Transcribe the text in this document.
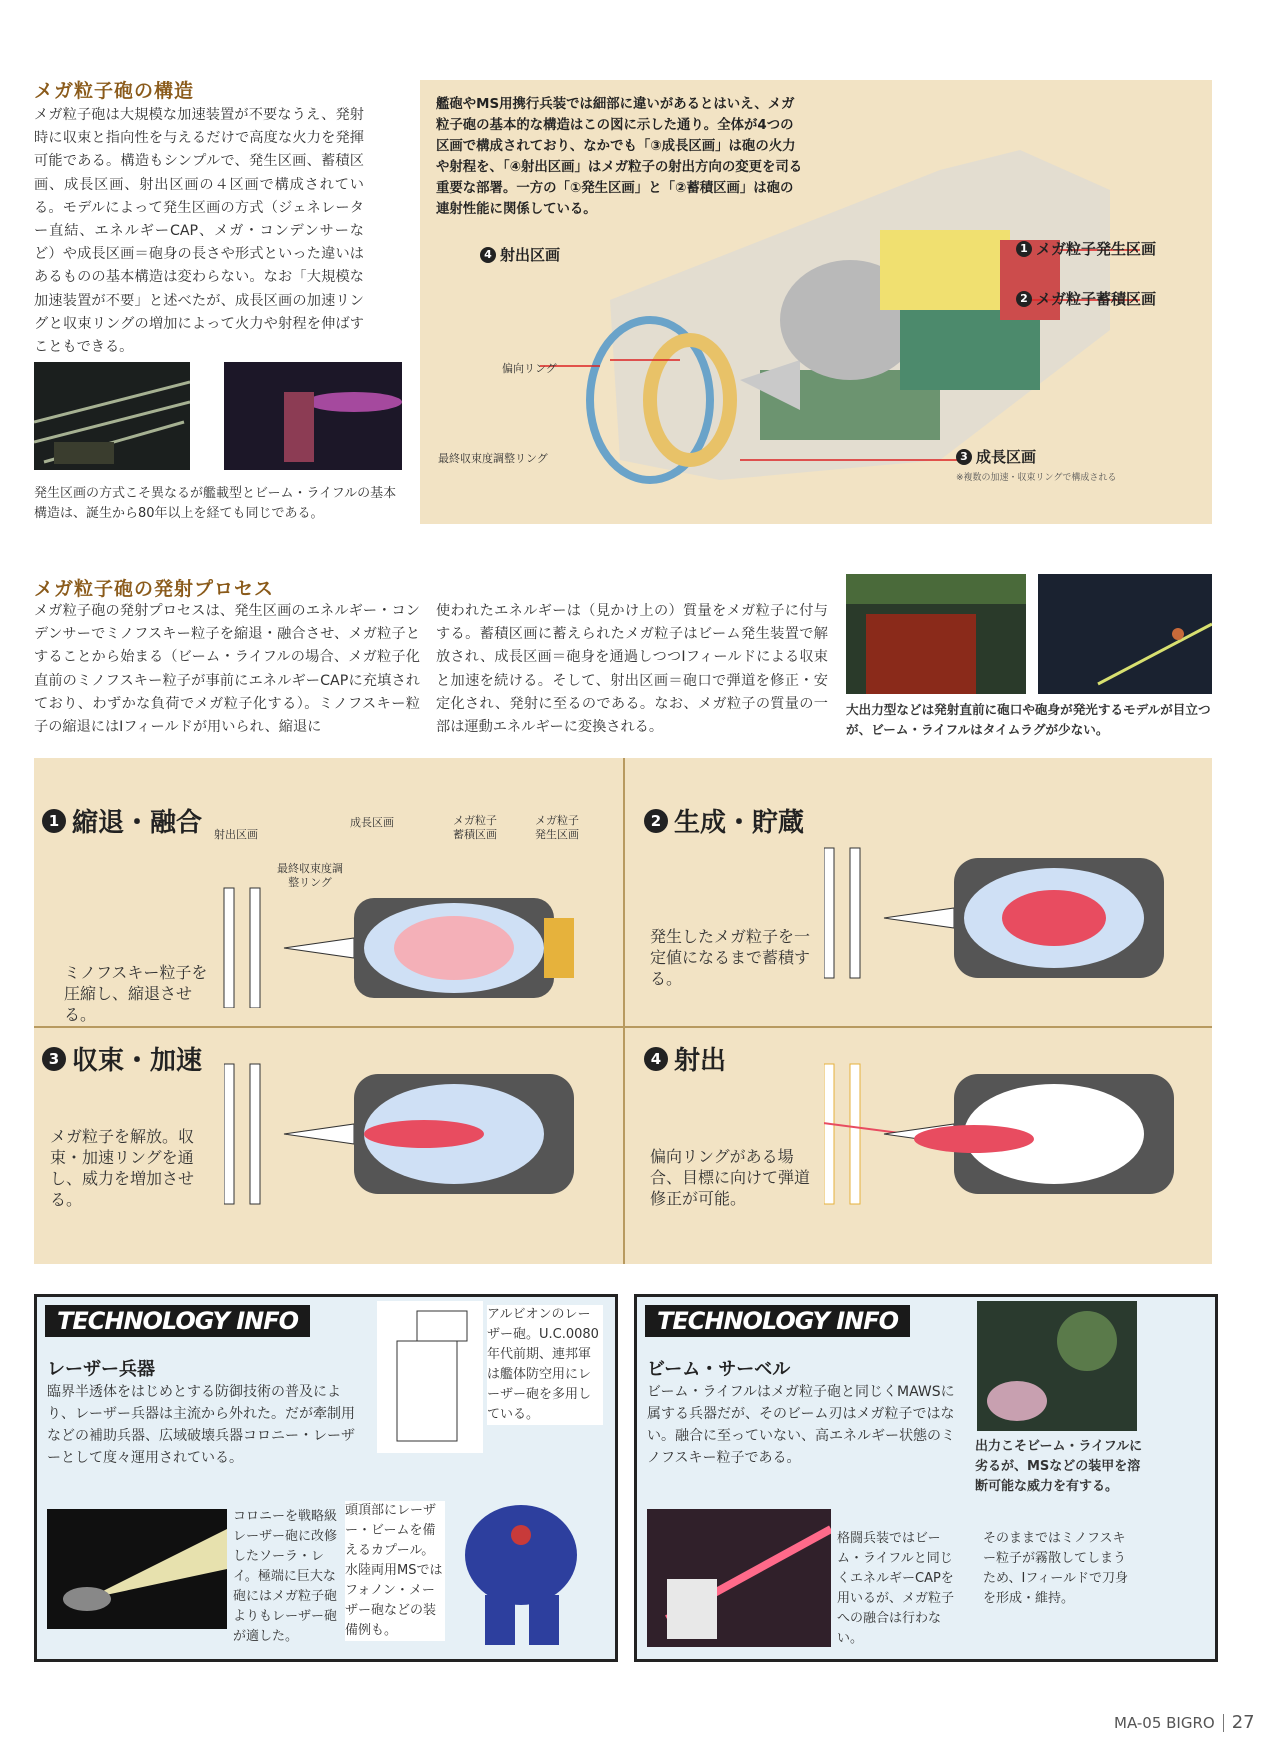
メガ粒子砲の構造
メガ粒子砲は大規模な加速装置が不要なうえ、発射時に収束と指向性を与えるだけで高度な火力を発揮可能である。構造もシンプルで、発生区画、蓄積区画、成長区画、射出区画の４区画で構成されている。モデルによって発生区画の方式（ジェネレーター直結、エネルギーCAP、メガ・コンデンサーなど）や成長区画＝砲身の長さや形式といった違いはあるものの基本構造は変わらない。なお「大規模な加速装置が不要」と述べたが、成長区画の加速リングと収束リングの増加によって火力や射程を伸ばすこともできる。
発生区画の方式こそ異なるが艦載型とビーム・ライフルの基本構造は、誕生から80年以上を経ても同じである。
艦砲やMS用携行兵装では細部に違いがあるとはいえ、メガ粒子砲の基本的な構造はこの図に示した通り。全体が4つの区画で構成されており、なかでも「③成長区画」は砲の火力や射程を、「④射出区画」はメガ粒子の射出方向の変更を司る重要な部署。一方の「①発生区画」と「②蓄積区画」は砲の連射性能に関係している。
4 射出区画	1 メガ粒子発生区画
2 メガ粒子蓄積区画
3 成長区画
※複数の加速・収束リングで構成される
偏向リング
最終収束度調整リング
メガ粒子砲の発射プロセス
メガ粒子砲の発射プロセスは、発生区画のエネルギー・コンデンサーでミノフスキー粒子を縮退・融合させ、メガ粒子とすることから始まる（ビーム・ライフルの場合、メガ粒子化直前のミノフスキー粒子が事前にエネルギーCAPに充填されており、わずかな負荷でメガ粒子化する）。ミノフスキー粒子の縮退にはIフィールドが用いられ、縮退に
使われたエネルギーは（見かけ上の）質量をメガ粒子に付与する。蓄積区画に蓄えられたメガ粒子はビーム発生装置で解放され、成長区画＝砲身を通過しつつIフィールドによる収束と加速を続ける。そして、射出区画＝砲口で弾道を修正・安定化され、発射に至るのである。なお、メガ粒子の質量の一部は運動エネルギーに変換される。
大出力型などは発射直前に砲口や砲身が発光するモデルが目立つが、ビーム・ライフルはタイムラグが少ない。
1 縮退・融合 射出区画
最終収束度調整リング
成長区画	メガ粒子蓄積区画
メガ粒子発生区画
ミノフスキー粒子を圧縮し、縮退させる。
2 生成・貯蔵
発生したメガ粒子を一定値になるまで蓄積する。
3 収束・加速
メガ粒子を解放。収束・加速リングを通し、威力を増加させる。
4 射出
偏向リングがある場合、目標に向けて弾道修正が可能。
TECHNOLOGY INFO
レーザー兵器
臨界半透体をはじめとする防御技術の普及により、レーザー兵器は主流から外れた。だが牽制用などの補助兵器、広域破壊兵器コロニー・レーザーとして度々運用されている。
アルビオンのレーザー砲。U.C.0080年代前期、連邦軍は艦体防空用にレーザー砲を多用している。
コロニーを戦略級レーザー砲に改修したソーラ・レイ。極端に巨大な砲にはメガ粒子砲よりもレーザー砲が適した。
頭頂部にレーザー・ビームを備えるカプール。水陸両用MSではフォノン・メーザー砲などの装備例も。
TECHNOLOGY INFO
ビーム・サーベル
ビーム・ライフルはメガ粒子砲と同じくMAWSに属する兵器だが、そのビーム刃はメガ粒子ではない。融合に至っていない、高エネルギー状態のミノフスキー粒子である。
出力こそビーム・ライフルに劣るが、MSなどの装甲を溶断可能な威力を有する。
格闘兵装ではビーム・ライフルと同じくエネルギーCAPを用いるが、メガ粒子への融合は行わない。
そのままではミノフスキー粒子が霧散してしまうため、Iフィールドで刀身を形成・維持。
MA-05 BIGRO 27
